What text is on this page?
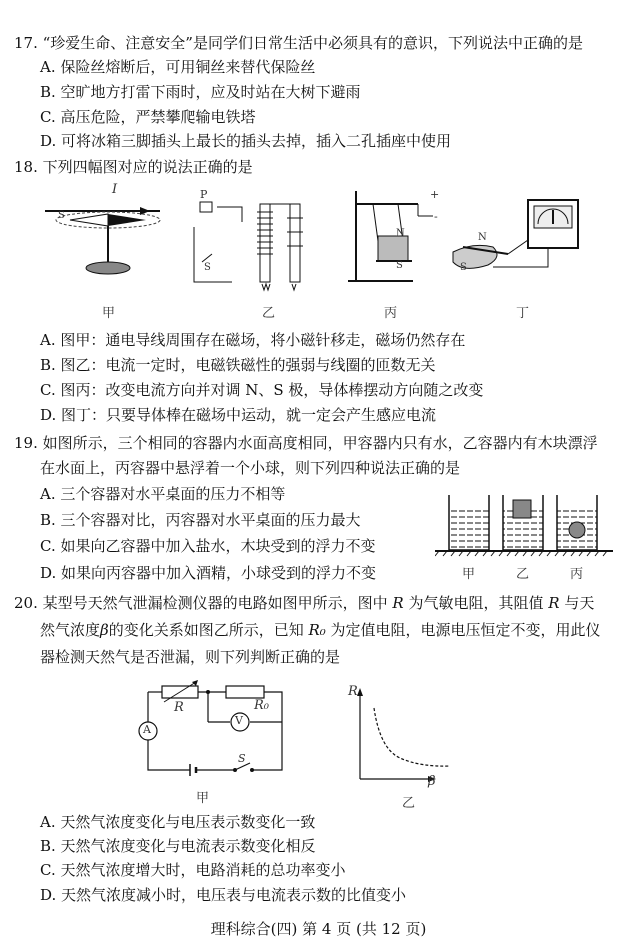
17. “珍爱生命、注意安全”是同学们日常生活中必须具有的意识，下列说法中正确的是
A. 保险丝熔断后，可用铜丝来替代保险丝
B. 空旷地方打雷下雨时，应及时站在大树下避雨
C. 高压危险，严禁攀爬输电铁塔
D. 可将冰箱三脚插头上最长的插头去掉，插入二孔插座中使用
18. 下列四幅图对应的说法正确的是
I
S
甲
P
S
乙
+
-
N
S
丙
N
S
丁
A. 图甲：通电导线周围存在磁场，将小磁针移走，磁场仍然存在
B. 图乙：电流一定时，电磁铁磁性的强弱与线圈的匝数无关
C. 图丙：改变电流方向并对调 N、S 极，导体棒摆动方向随之改变
D. 图丁：只要导体棒在磁场中运动，就一定会产生感应电流
19. 如图所示，三个相同的容器内水面高度相同，甲容器内只有水，乙容器内有木块漂浮
在水面上，丙容器中悬浮着一个小球，则下列四种说法正确的是
A. 三个容器对水平桌面的压力不相等
B. 三个容器对比，丙容器对水平桌面的压力最大
C. 如果向乙容器中加入盐水，木块受到的浮力不变
D. 如果向丙容器中加入酒精，小球受到的浮力不变	甲	乙	丙
20. 某型号天然气泄漏检测仪器的电路如图甲所示，图中 R 为气敏电阻，其阻值 R 与天
然气浓度β的变化关系如图乙所示，已知 R₀ 为定值电阻，电源电压恒定不变，用此仪
器检测天然气是否泄漏，则下列判断正确的是
R	R₀
V
A
S
甲
R
β
乙
A. 天然气浓度变化与电压表示数变化一致
B. 天然气浓度变化与电流表示数变化相反
C. 天然气浓度增大时，电路消耗的总功率变小
D. 天然气浓度减小时，电压表与电流表示数的比值变小
理科综合(四) 第 4 页 (共 12 页)
